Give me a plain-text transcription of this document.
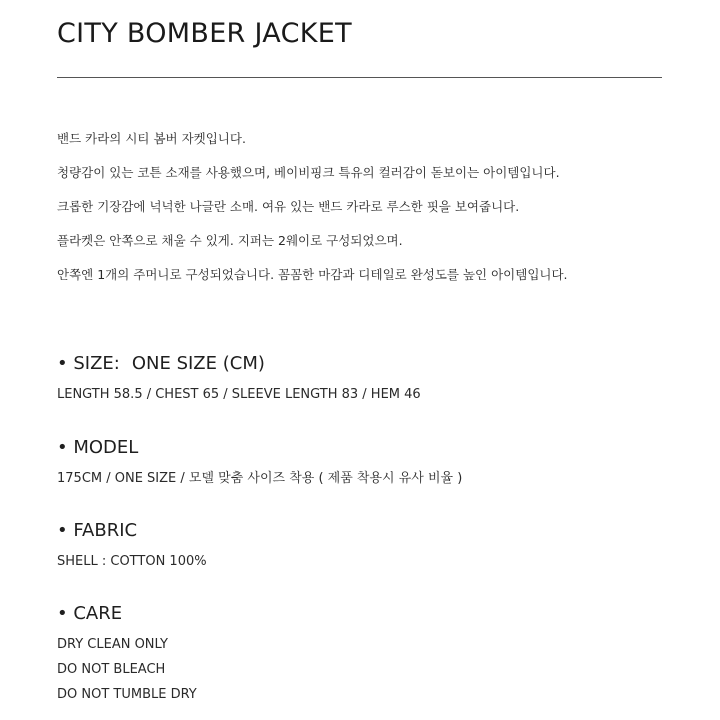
CITY BOMBER JACKET
밴드 카라의 시티 봄버 자켓입니다.
청량감이 있는 코튼 소재를 사용했으며, 베이비핑크 특유의 컬러감이 돋보이는 아이템입니다.
크롭한 기장감에 넉넉한 나글란 소매. 여유 있는 밴드 카라로 루스한 핏을 보여줍니다.
플라켓은 안쪽으로 채울 수 있게. 지퍼는 2웨이로 구성되었으며.
안쪽엔 1개의 주머니로 구성되었습니다. 꼼꼼한 마감과 디테일로 완성도를 높인 아이템입니다.
• SIZE: ONE SIZE (CM)
LENGTH 58.5 / CHEST 65 / SLEEVE LENGTH 83 / HEM 46
• MODEL
175CM / ONE SIZE / 모델 맞춤 사이즈 착용 ( 제품 착용시 유사 비율 )
• FABRIC
SHELL : COTTON 100%
• CARE
DRY CLEAN ONLY
DO NOT BLEACH
DO NOT TUMBLE DRY
